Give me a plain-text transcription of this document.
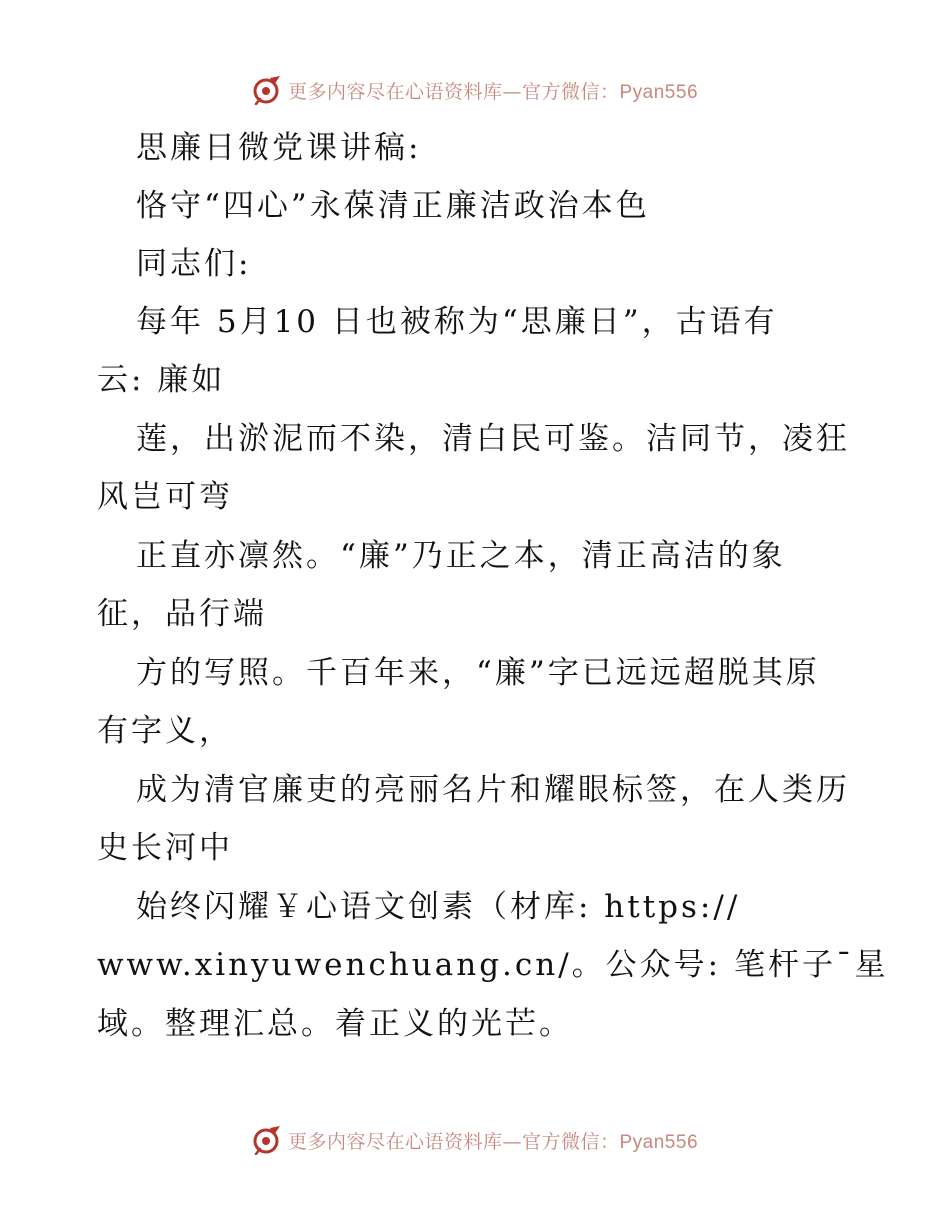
更多内容尽在心语资料库—官方微信：Pyan556
思廉日微党课讲稿:
恪守“四心”永葆清正廉洁政治本色
同志们:
每年 5月10 日也被称为“思廉日”，古语有
云: 廉如
莲，出淤泥而不染，清白民可鉴。洁同节，凌狂
风岂可弯
正直亦凛然。“廉”乃正之本，清正高洁的象
征，品行端
方的写照。千百年来，“廉”字已远远超脱其原
有字义，
成为清官廉吏的亮丽名片和耀眼标签，在人类历
史长河中
始终闪耀￥心语文创素（材库: https://
www.xinyuwenchuang.cn/。公众号: 笔杆子¯星
域。整理汇总。着正义的光芒。
更多内容尽在心语资料库—官方微信：Pyan556
